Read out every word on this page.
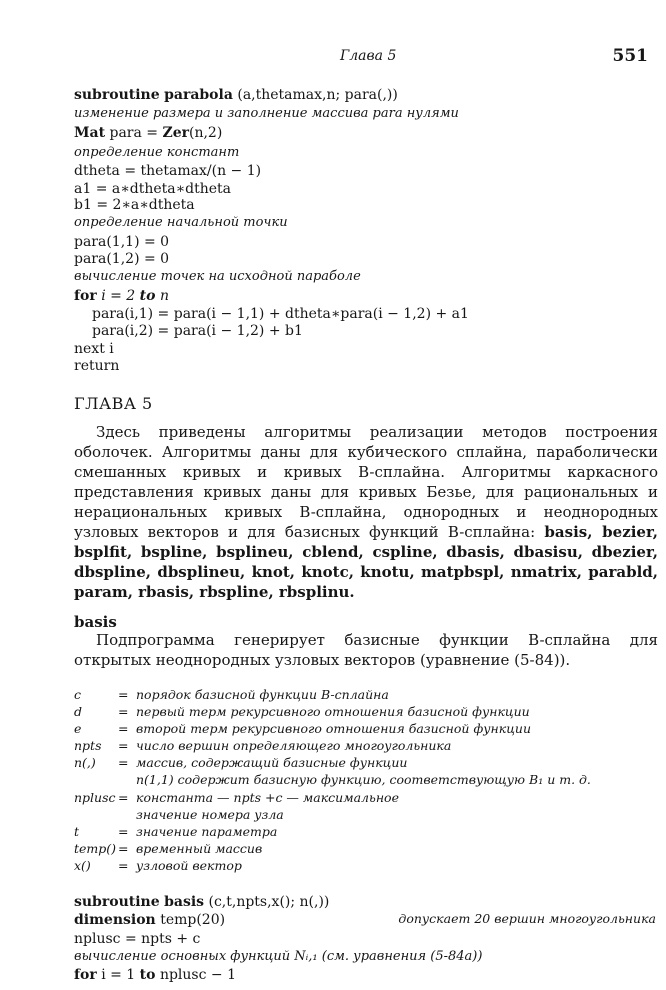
Глава 5	551
subroutine parabola (a,thetamax,n; para(,))
изменение размера и заполнение массива para нулями
Mat para = Zer(n,2)
определение констант
dtheta = thetamax/(n − 1)
a1 = a∗dtheta∗dtheta
b1 = 2∗a∗dtheta
определение начальной точки
para(1,1) = 0
para(1,2) = 0
вычисление точек на исходной параболе
for i = 2 to n
para(i,1) = para(i − 1,1) + dtheta∗para(i − 1,2) + a1
para(i,2) = para(i − 1,2) + b1
next i
return
ГЛАВА 5
Здесь приведены алгоритмы реализации методов построения оболочек. Алгоритмы даны для кубического сплайна, параболически смешанных кривых и кривых B-сплайна. Алгоритмы каркасного представления кривых даны для кривых Безье, для рациональных и нерациональных кривых B-сплайна, однородных и неоднородных узловых векторов и для базисных функций B-сплайна: basis, bezier, bsplfit, bspline, bsplineu, cblend, cspline, dbasis, dbasisu, dbezier, dbspline, dbsplineu, knot, knotc, knotu, matpbspl, nmatrix, parabld, param, rbasis, rbspline, rbsplinu.
basis
Подпрограмма генерирует базисные функции B-сплайна для открытых неоднородных узловых векторов (уравнение (5-84)).
c	= порядок базисной функции B-сплайна
d	= первый терм рекурсивного отношения базисной функции
e	= второй терм рекурсивного отношения базисной функции
npts = число вершин определяющего многоугольника
n(,) = массив, содержащий базисные функции
n(1,1) содержит базисную функцию, соответствующую B₁ и т. д.
nplusc = константа — npts +c — максимальное
значение номера узла
t	= значение параметра
temp() = временный массив
x() = узловой вектор
subroutine basis (c,t,npts,x(); n(,))
dimension temp(20)	допускает 20 вершин многоугольника
nplusc = npts + c
вычисление основных функций Nᵢ,₁ (см. уравнения (5-84a))
for i = 1 to nplusc − 1
